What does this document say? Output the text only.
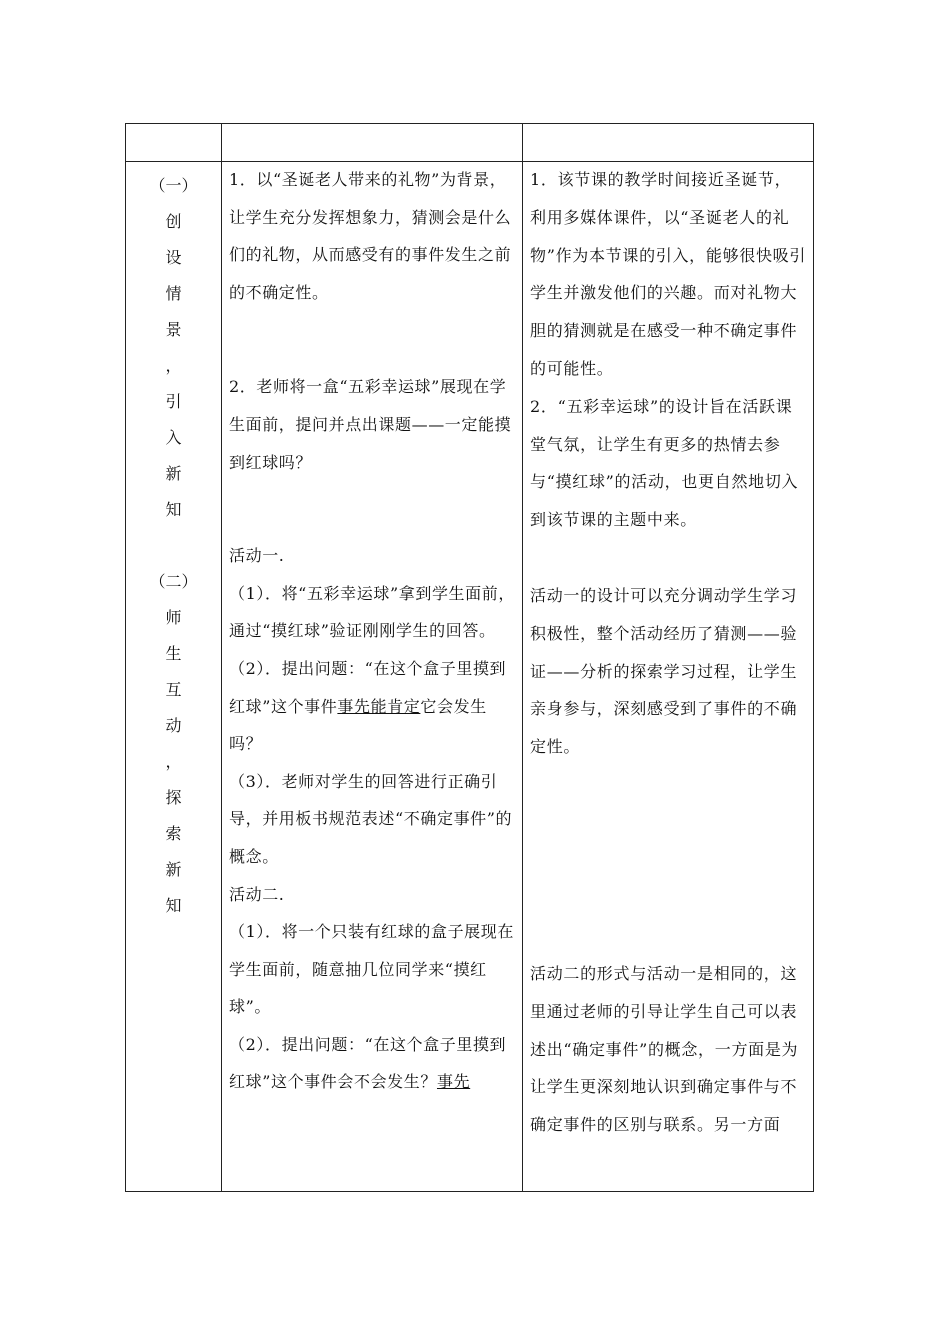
（一）
创
设
情
景
，
引
入
新
知
（二）
师
生
互
动
，
探
索
新
知

1．以“圣诞老人带来的礼物”为背景，让学生充分发挥想象力，猜测会是什么们的礼物，从而感受有的事件发生之前的不确定性。

2．老师将一盒“五彩幸运球”展现在学生面前，提问并点出课题——一定能摸到红球吗？

活动一.

（1）．将“五彩幸运球”拿到学生面前，通过“摸红球”验证刚刚学生的回答。

（2）．提出问题：“在这个盒子里摸到红球”这个事件事先能肯定它会发生吗？

（3）．老师对学生的回答进行正确引导，并用板书规范表述“不确定事件”的概念。

活动二.

（1）．将一个只装有红球的盒子展现在学生面前，随意抽几位同学来“摸红球”。

（2）．提出问题：“在这个盒子里摸到红球”这个事件会不会发生？事先

1．该节课的教学时间接近圣诞节，利用多媒体课件，以“圣诞老人的礼物”作为本节课的引入，能够很快吸引学生并激发他们的兴趣。而对礼物大胆的猜测就是在感受一种不确定事件的可能性。

2．“五彩幸运球”的设计旨在活跃课堂气氛，让学生有更多的热情去参与“摸红球”的活动，也更自然地切入

到该节课的主题中来。

活动一的设计可以充分调动学生学习积极性，整个活动经历了猜测——验证——分析的探索学习过程，让学生亲身参与，深刻感受到了事件的不确定性。

活动二的形式与活动一是相同的，这里通过老师的引导让学生自己可以表述出“确定事件”的概念，一方面是为让学生更深刻地认识到确定事件与不确定事件的区别与联系。另一方面
